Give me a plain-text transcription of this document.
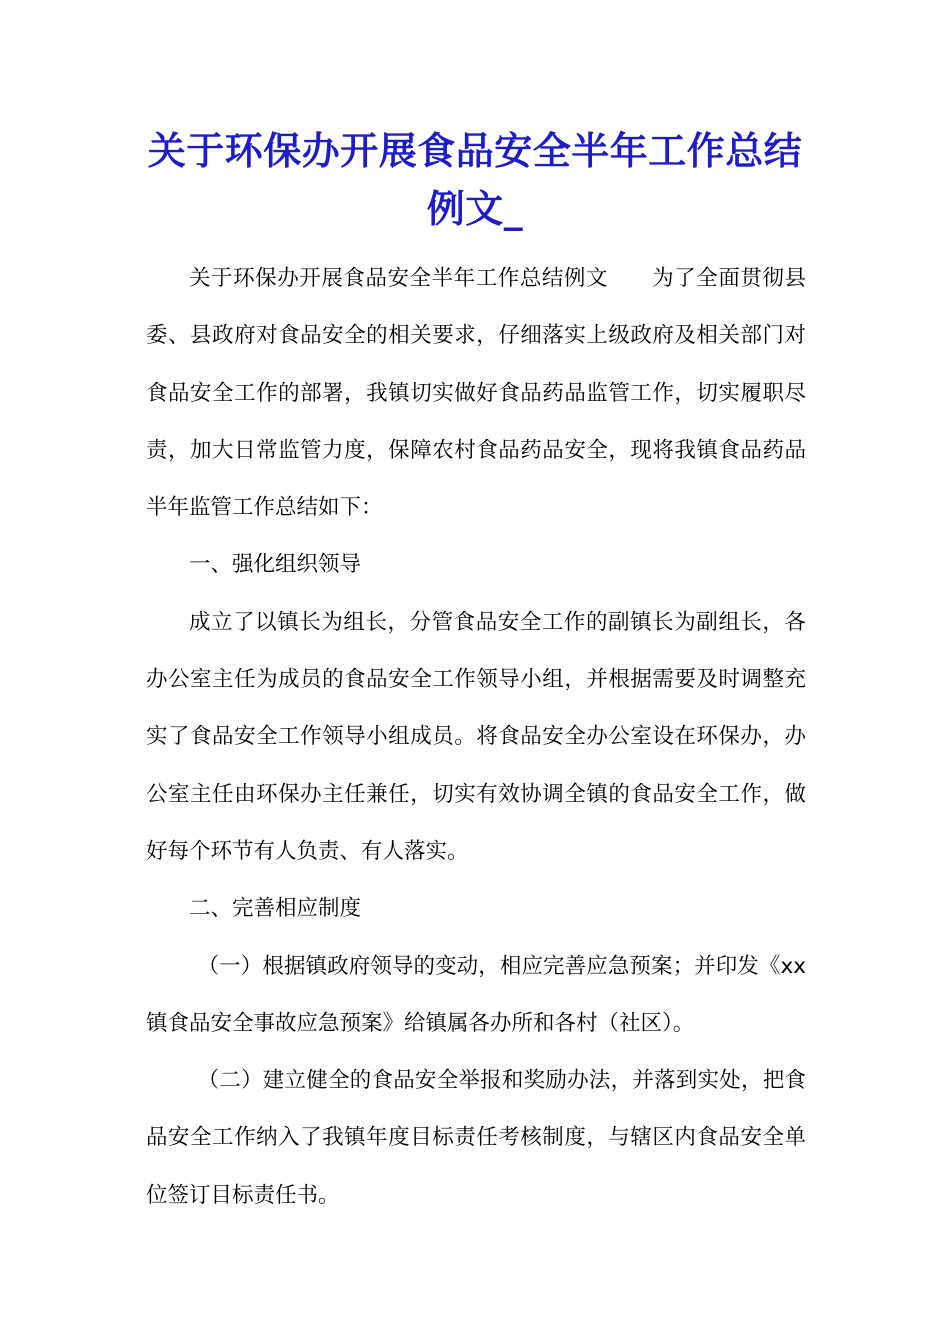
关于环保办开展食品安全半年工作总结例文_

关于环保办开展食品安全半年工作总结例文　　为了全面贯彻县委、县政府对食品安全的相关要求，仔细落实上级政府及相关部门对食品安全工作的部署，我镇切实做好食品药品监管工作，切实履职尽责，加大日常监管力度，保障农村食品药品安全，现将我镇食品药品半年监管工作总结如下：

一、强化组织领导

成立了以镇长为组长，分管食品安全工作的副镇长为副组长，各办公室主任为成员的食品安全工作领导小组，并根据需要及时调整充实了食品安全工作领导小组成员。将食品安全办公室设在环保办，办公室主任由环保办主任兼任，切实有效协调全镇的食品安全工作，做好每个环节有人负责、有人落实。

二、完善相应制度

（一）根据镇政府领导的变动，相应完善应急预案；并印发《xx镇食品安全事故应急预案》给镇属各办所和各村（社区）。

（二）建立健全的食品安全举报和奖励办法，并落到实处，把食品安全工作纳入了我镇年度目标责任考核制度，与辖区内食品安全单位签订目标责任书。
